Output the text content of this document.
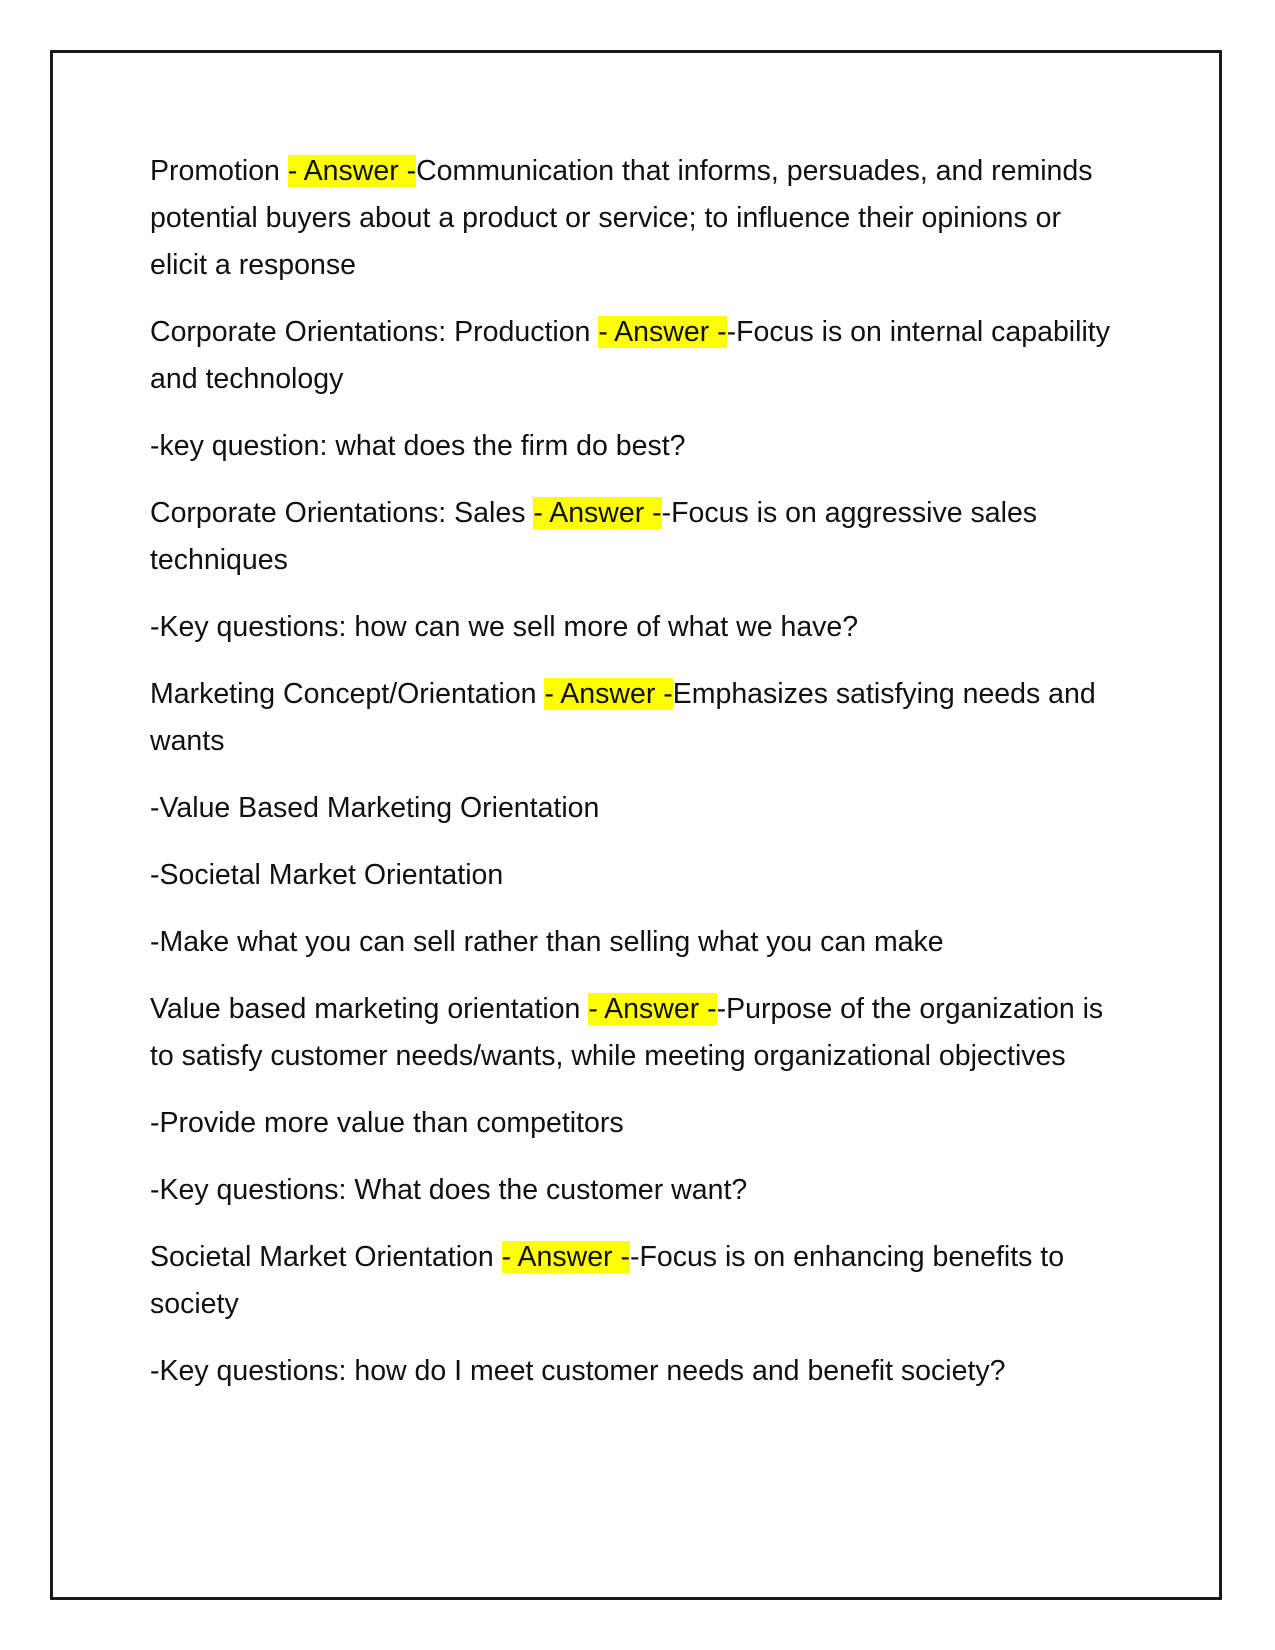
Promotion - Answer -Communication that informs, persuades, and reminds potential buyers about a product or service; to influence their opinions or elicit a response

Corporate Orientations: Production - Answer --Focus is on internal capability and technology

-key question: what does the firm do best?

Corporate Orientations: Sales - Answer --Focus is on aggressive sales techniques

-Key questions: how can we sell more of what we have?

Marketing Concept/Orientation - Answer -Emphasizes satisfying needs and wants

-Value Based Marketing Orientation

-Societal Market Orientation

-Make what you can sell rather than selling what you can make

Value based marketing orientation - Answer --Purpose of the organization is to satisfy customer needs/wants, while meeting organizational objectives

-Provide more value than competitors

-Key questions: What does the customer want?

Societal Market Orientation - Answer --Focus is on enhancing benefits to society

-Key questions: how do I meet customer needs and benefit society?
